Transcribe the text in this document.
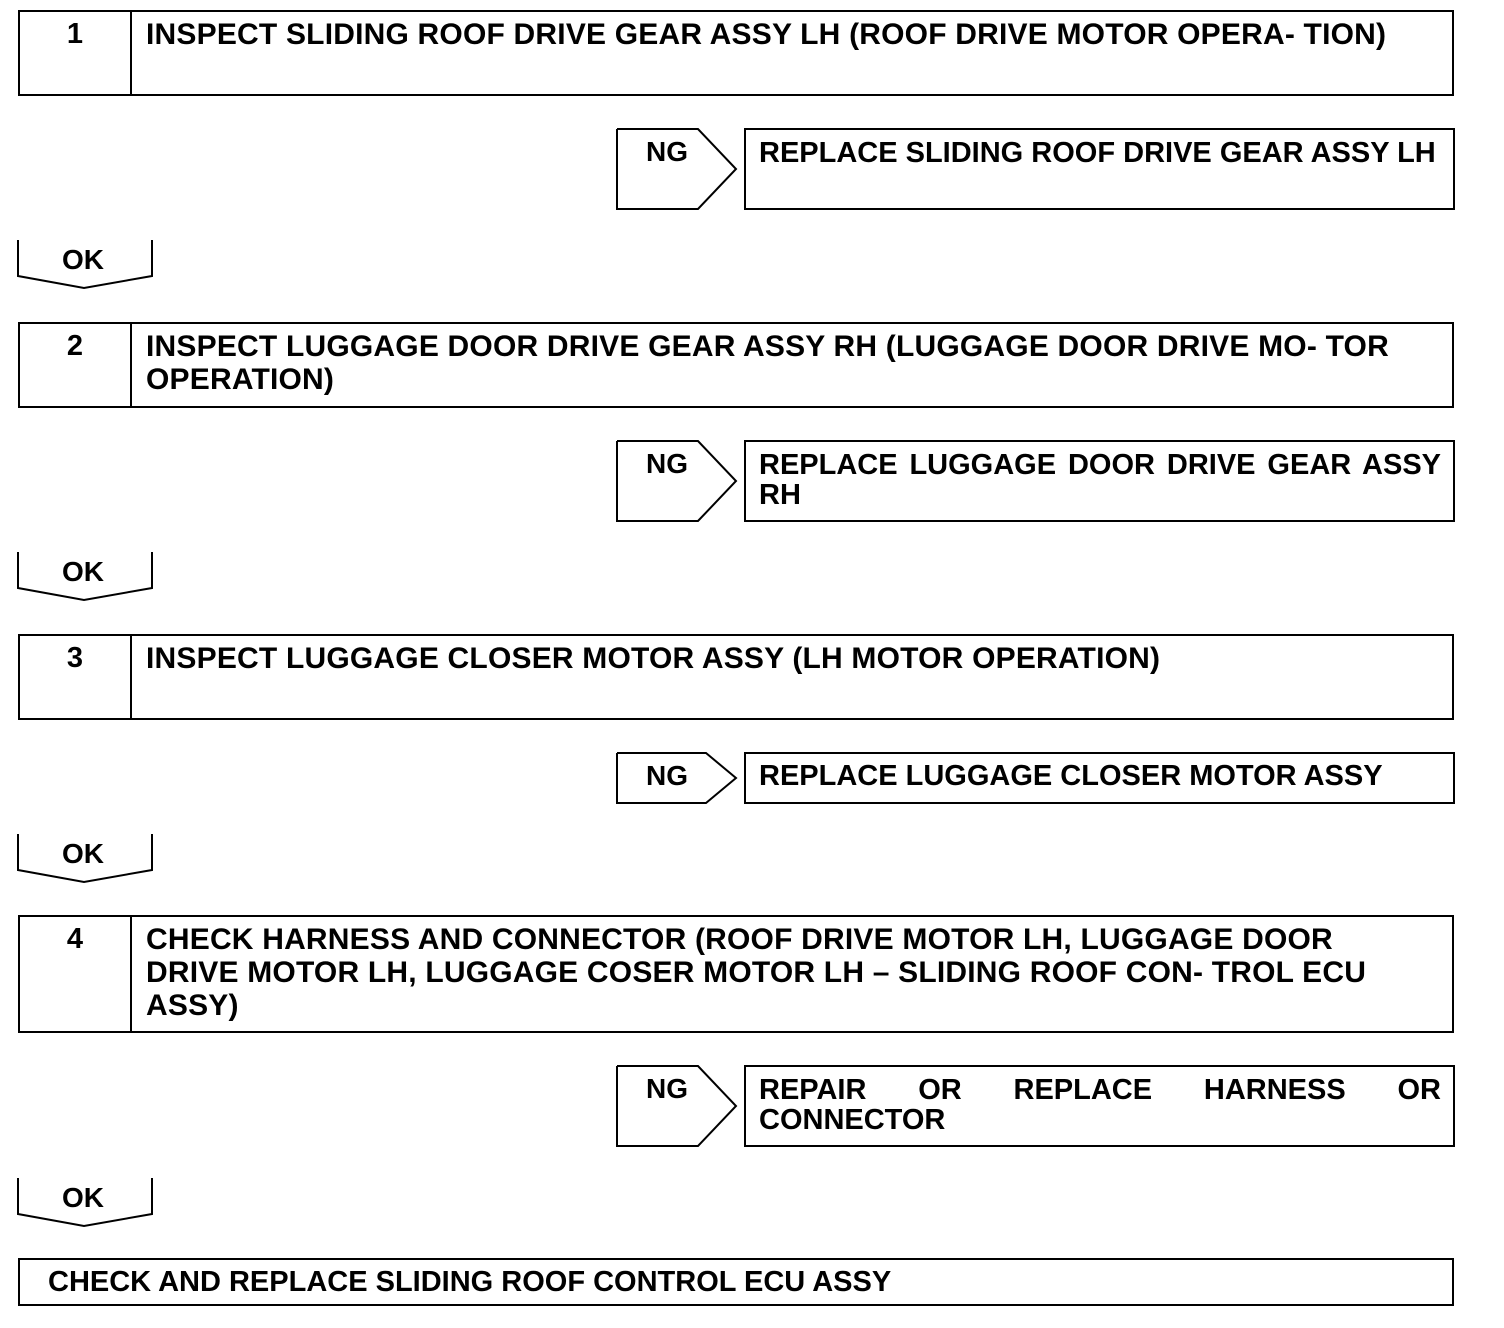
1	INSPECT SLIDING ROOF DRIVE GEAR ASSY LH (ROOF DRIVE MOTOR OPERA- TION)
NG	REPLACE SLIDING ROOF DRIVE GEAR ASSY LH
OK
2	INSPECT LUGGAGE DOOR DRIVE GEAR ASSY RH (LUGGAGE DOOR DRIVE MO- TOR OPERATION)
NG	REPLACE LUGGAGE DOOR DRIVE GEAR ASSY RH
OK
3	INSPECT LUGGAGE CLOSER MOTOR ASSY (LH MOTOR OPERATION)
NG	REPLACE LUGGAGE CLOSER MOTOR ASSY
OK
4	CHECK HARNESS AND CONNECTOR (ROOF DRIVE MOTOR LH, LUGGAGE DOOR DRIVE MOTOR LH, LUGGAGE COSER MOTOR LH – SLIDING ROOF CON- TROL ECU ASSY)
NG	REPAIR OR REPLACE HARNESS OR CONNECTOR
OK
CHECK AND REPLACE SLIDING ROOF CONTROL ECU ASSY
